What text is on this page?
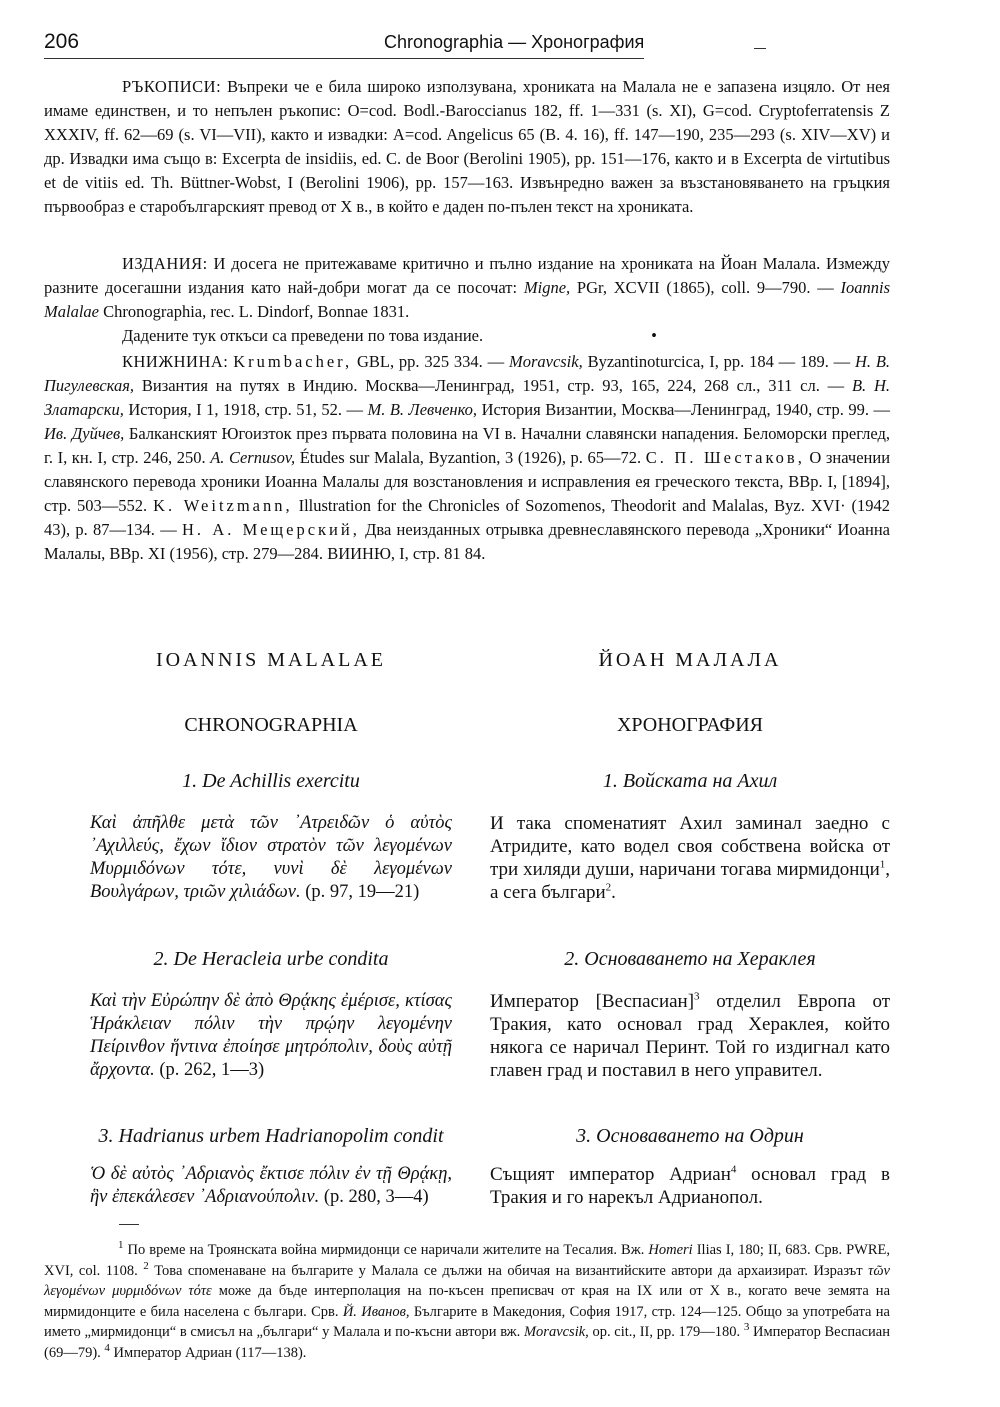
206	Chronographia — Хронография

РЪКОПИСИ: Въпреки че е била широко използувана, хрониката на Малала не е запазена изцяло. От нея имаме единствен, и то непълен ръкопис: O=cod. Bodl.-Baroccianus 182, ff. 1—331 (s. XI), G=cod. Cryptoferratensis Z XXXIV, ff. 62—69 (s. VI—VII), както и извадки: A=cod. Angelicus 65 (B. 4. 16), ff. 147—190, 235—293 (s. XIV—XV) и др. Извадки има също в: Excerpta de insidiis, ed. C. de Boor (Berolini 1905), pp. 151—176, както и в Excerpta de virtutibus et de vitiis ed. Th. Büttner-Wobst, I (Berolini 1906), pp. 157—163. Извънредно важен за възстановяването на гръцкия първообраз е старобългарският превод от X в., в който е даден по-пълен текст на хрониката.

ИЗДАНИЯ: И досега не притежаваме критично и пълно издание на хрониката на Йоан Малала. Измежду разните досегашни издания като най-добри могат да се посочат: Migne, PGr, XCVII (1865), coll. 9—790. — Ioannis Malalae Chronographia, rec. L. Dindorf, Bonnae 1831.

Дадените тук откъси са преведени по това издание.	•

КНИЖНИНА: Krumbacher, GBL, pp. 325 334. — Moravcsik, Byzantinoturcica, I, pp. 184 — 189. — Н. В. Пигулевская, Византия на путях в Индию. Москва—Ленинград, 1951, стр. 93, 165, 224, 268 сл., 311 сл. — В. Н. Златарски, История, I 1, 1918, стр. 51, 52. — М. В. Левченко, История Византии, Москва—Ленинград, 1940, стр. 99. — Ив. Дуйчев, Балканският Югоизток през първата половина на VI в. Начални славянски нападения. Беломорски преглед, г. I, кн. I, стр. 246, 250. A. Cernusov, Études sur Malala, Byzantion, 3 (1926), p. 65—72. С. П. Шестаков, О значении славянского перевода хроники Иоанна Малалы для возстановления и исправления ея греческого текста, ВВр. I, [1894], стр. 503—552. K. Weitzmann, Illustration for the Chronicles of Sozomenos, Theodorit and Malalas, Byz. XVI· (1942 43), p. 87—134. — Н. А. Мещерский, Два неизданных отрывка древнеславянского перевода „Хроники“ Иоанна Малалы, ВВр. XI (1956), стр. 279—284. ВИИНЮ, I, стр. 81 84.

IOANNIS MALALAE
CHRONOGRAPHIA
1. De Achillis exercitu
Καὶ ἀπῆλθε μετὰ τῶν ᾿Ατρειδῶν ὁ αὐτὸς ᾿Αχιλλεύς, ἔχων ἴδιον στρατὸν τῶν λεγομένων Μυρμιδόνων τότε, νυνὶ δὲ λεγομένων Βουλγάρων, τριῶν χιλιάδων. (p. 97, 19—21)
2. De Heracleia urbe condita
Καὶ τὴν Εὐρώπην δὲ ἀπὸ Θρᾴκης ἐμέρισε, κτίσας Ἡράκλειαν πόλιν τὴν πρῴην λεγομένην Πείρινθον ἥντινα ἐποίησε μητρόπολιν, δοὺς αὐτῇ ἄρχοντα. (p. 262, 1—3)
3. Hadrianus urbem Hadrianopolim condit
Ὁ δὲ αὐτὸς ᾿Αδριανὸς ἔκτισε πόλιν ἐν τῇ Θρᾴκῃ, ἣν ἐπεκάλεσεν ᾿Αδριανούπολιν. (p. 280, 3—4)
ЙОАН МАЛАЛА
ХРОНОГРАФИЯ
1. Войската на Ахил
И така споменатият Ахил заминал заедно с Атридите, като водел своя собствена войска от три хиляди души, наричани тогава мирмидонци$^1$, а сега българи$^2$.
2. Основаването на Хераклея
Император [Веспасиан]$^3$ отделил Европа от Тракия, като основал град Хераклея, който някога се наричал Перинт. Той го издигнал като главен град и поставил в него управител.
3. Основаването на Одрин
Същият император Адриан$^4$ основал град в Тракия и го нарекъл Адрианопол.

$^1$ По време на Троянската война мирмидонци се наричали жителите на Тесалия. Вж. Homeri Ilias I, 180; II, 683. Срв. PWRE, XVI, col. 1108. $^2$ Това споменаване на българите у Малала се дължи на обичая на византийските автори да архаизират. Изразът τῶν λεγομένων μυρμιδόνων τότε може да бъде интерполация на по-късен преписвач от края на IX или от X в., когато вече земята на мирмидонците е била населена с българи. Срв. Й. Иванов, Българите в Македония, София 1917, стр. 124—125. Общо за употребата на името „мирмидонци“ в смисъл на „българи“ у Малала и по-късни автори вж. Moravcsik, op. cit., II, pp. 179—180. $^3$ Император Веспасиан (69—79). $^4$ Император Адриан (117—138).
